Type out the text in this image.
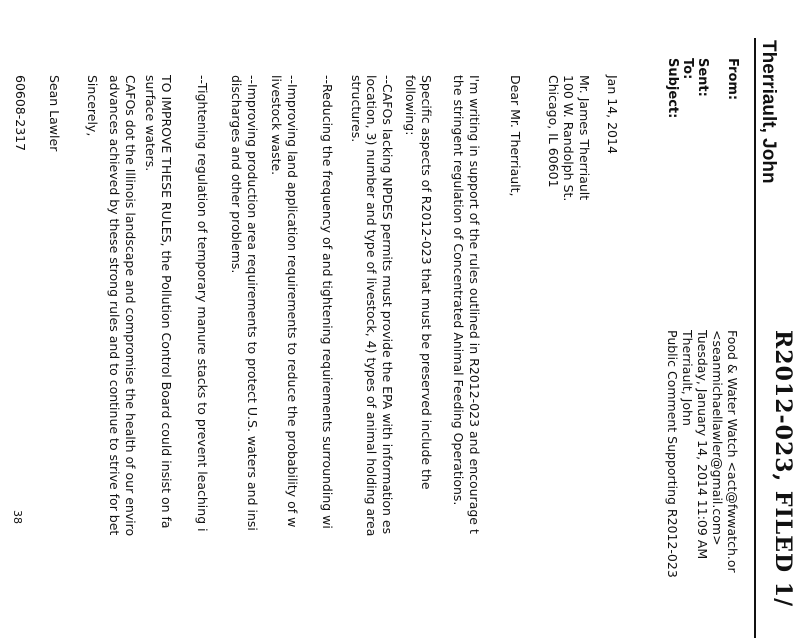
Therriault, John
R2012-023, FILED 1/
From:
Food & Water Watch <act@fwwatch.or
<seanmichaellawler@gmail.com>
Sent:
Tuesday, January 14, 2014 11:09 AM
To:
Therriault, John
Subject:
Public Comment Supporting R2012-023
Jan 14, 2014
Mr. James Therriault
100 W. Randolph St.
Chicago, IL 60601
Dear Mr. Therriault,
I'm writing in support of the rules outlined in R2012-023 and encourage t
the stringent regulation of Concentrated Animal Feeding Operations.
Specific aspects of R2012-023 that must be preserved include the
following:
--CAFOs lacking NPDES permits must provide the EPA with information es
location, 3) number and type of livestock, 4) types of animal holding area
structures.
--Reducing the frequency of and tightening requirements surrounding wi
--Improving land application requirements to reduce the probability of w
livestock waste.
--Improving production area requirements to protect U.S. waters and insi
discharges and other problems.
--Tightening regulation of temporary manure stacks to prevent leaching i
TO IMPROVE THESE RULES, the Pollution Control Board could insist on fa
surface waters.
CAFOs dot the Illinois landscape and compromise the health of our enviro
advances achieved by these strong rules and to continue to strive for bet
Sincerely,
Sean Lawler
60608-2317
38
